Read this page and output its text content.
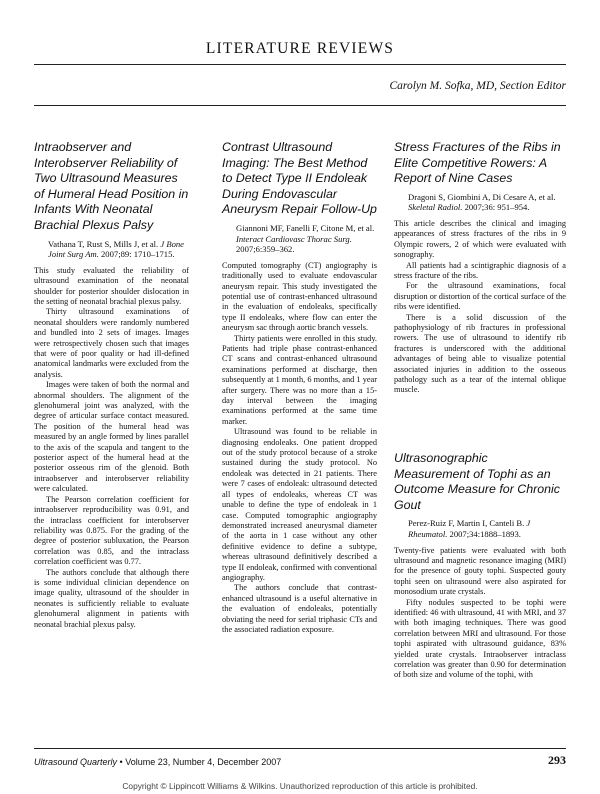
LITERATURE REVIEWS
Carolyn M. Sofka, MD, Section Editor
Intraobserver and Interobserver Reliability of Two Ultrasound Measures of Humeral Head Position in Infants With Neonatal Brachial Plexus Palsy
Vathana T, Rust S, Mills J, et al. J Bone Joint Surg Am. 2007;89: 1710–1715.

This study evaluated the reliability of ultrasound examination of the neonatal shoulder for posterior shoulder dislocation in the setting of neonatal brachial plexus palsy.

Thirty ultrasound examinations of neonatal shoulders were randomly numbered and bundled into 2 sets of images. Images were retrospectively chosen such that images that were of poor quality or had ill-defined anatomical landmarks were excluded from the analysis.

Images were taken of both the normal and abnormal shoulders. The alignment of the glenohumeral joint was analyzed, with the degree of articular surface contact measured. The position of the humeral head was measured by an angle formed by lines parallel to the axis of the scapula and tangent to the posterior aspect of the humeral head at the posterior osseous rim of the glenoid. Both intraobserver and interobserver reliability were calculated.

The Pearson correlation coefficient for intraobserver reproducibility was 0.91, and the intraclass coefficient for interobserver reliability was 0.875. For the grading of the degree of posterior subluxation, the Pearson correlation was 0.85, and the intraclass correlation coefficient was 0.77.

The authors conclude that although there is some individual clinician dependence on image quality, ultrasound of the shoulder in neonates is sufficiently reliable to evaluate glenohumeral alignment in patients with neonatal brachial plexus palsy.

Contrast Ultrasound Imaging: The Best Method to Detect Type II Endoleak During Endovascular Aneurysm Repair Follow-Up
Giannoni MF, Fanelli F, Citone M, et al. Interact Cardiovasc Thorac Surg. 2007;6:359–362.

Computed tomography (CT) angiography is traditionally used to evaluate endovascular aneurysm repair. This study investigated the potential use of contrast-enhanced ultrasound in the evaluation of endoleaks, specifically type II endoleaks, where flow can enter the aneurysm sac through aortic branch vessels.

Thirty patients were enrolled in this study. Patients had triple phase contrast-enhanced CT scans and contrast-enhanced ultrasound examinations performed at discharge, then subsequently at 1 month, 6 months, and 1 year after surgery. There was no more than a 15-day interval between the imaging examinations performed at the same time marker.

Ultrasound was found to be reliable in diagnosing endoleaks. One patient dropped out of the study protocol because of a stroke sustained during the study protocol. No endoleak was detected in 21 patients. There were 7 cases of endoleak: ultrasound detected all types of endoleaks, whereas CT was unable to define the type of endoleak in 1 case. Computed tomographic angiography demonstrated increased aneurysmal diameter of the aorta in 1 case without any other definitive evidence to define a subtype, whereas ultrasound definitively described a type II endoleak, confirmed with conventional angiography.

The authors conclude that contrast-enhanced ultrasound is a useful alternative in the evaluation of endoleaks, potentially obviating the need for serial triphasic CTs and the associated radiation exposure.

Stress Fractures of the Ribs in Elite Competitive Rowers: A Report of Nine Cases
Dragoni S, Giombini A, Di Cesare A, et al. Skeletal Radiol. 2007;36: 951–954.

This article describes the clinical and imaging appearances of stress fractures of the ribs in 9 Olympic rowers, 2 of which were evaluated with sonography.

All patients had a scintigraphic diagnosis of a stress fracture of the ribs.

For the ultrasound examinations, focal disruption or distortion of the cortical surface of the ribs were identified.

There is a solid discussion of the pathophysiology of rib fractures in professional rowers. The use of ultrasound to identify rib fractures is underscored with the additional advantages of being able to visualize potential associated injuries in addition to the osseous pathology such as a tear of the internal oblique muscle.

Ultrasonographic Measurement of Tophi as an Outcome Measure for Chronic Gout
Perez-Ruiz F, Martin I, Canteli B. J Rheumatol. 2007;34:1888–1893.

Twenty-five patients were evaluated with both ultrasound and magnetic resonance imaging (MRI) for the presence of gouty tophi. Suspected gouty tophi seen on ultrasound were also aspirated for monosodium urate crystals.

Fifty nodules suspected to be tophi were identified: 46 with ultrasound, 41 with MRI, and 37 with both imaging techniques. There was good correlation between MRI and ultrasound. For those tophi aspirated with ultrasound guidance, 83% yielded urate crystals. Intraobserver intraclass correlation was greater than 0.90 for determination of both size and volume of the tophi, with

Ultrasound Quarterly • Volume 23, Number 4, December 2007	293
Copyright © Lippincott Williams & Wilkins. Unauthorized reproduction of this article is prohibited.
